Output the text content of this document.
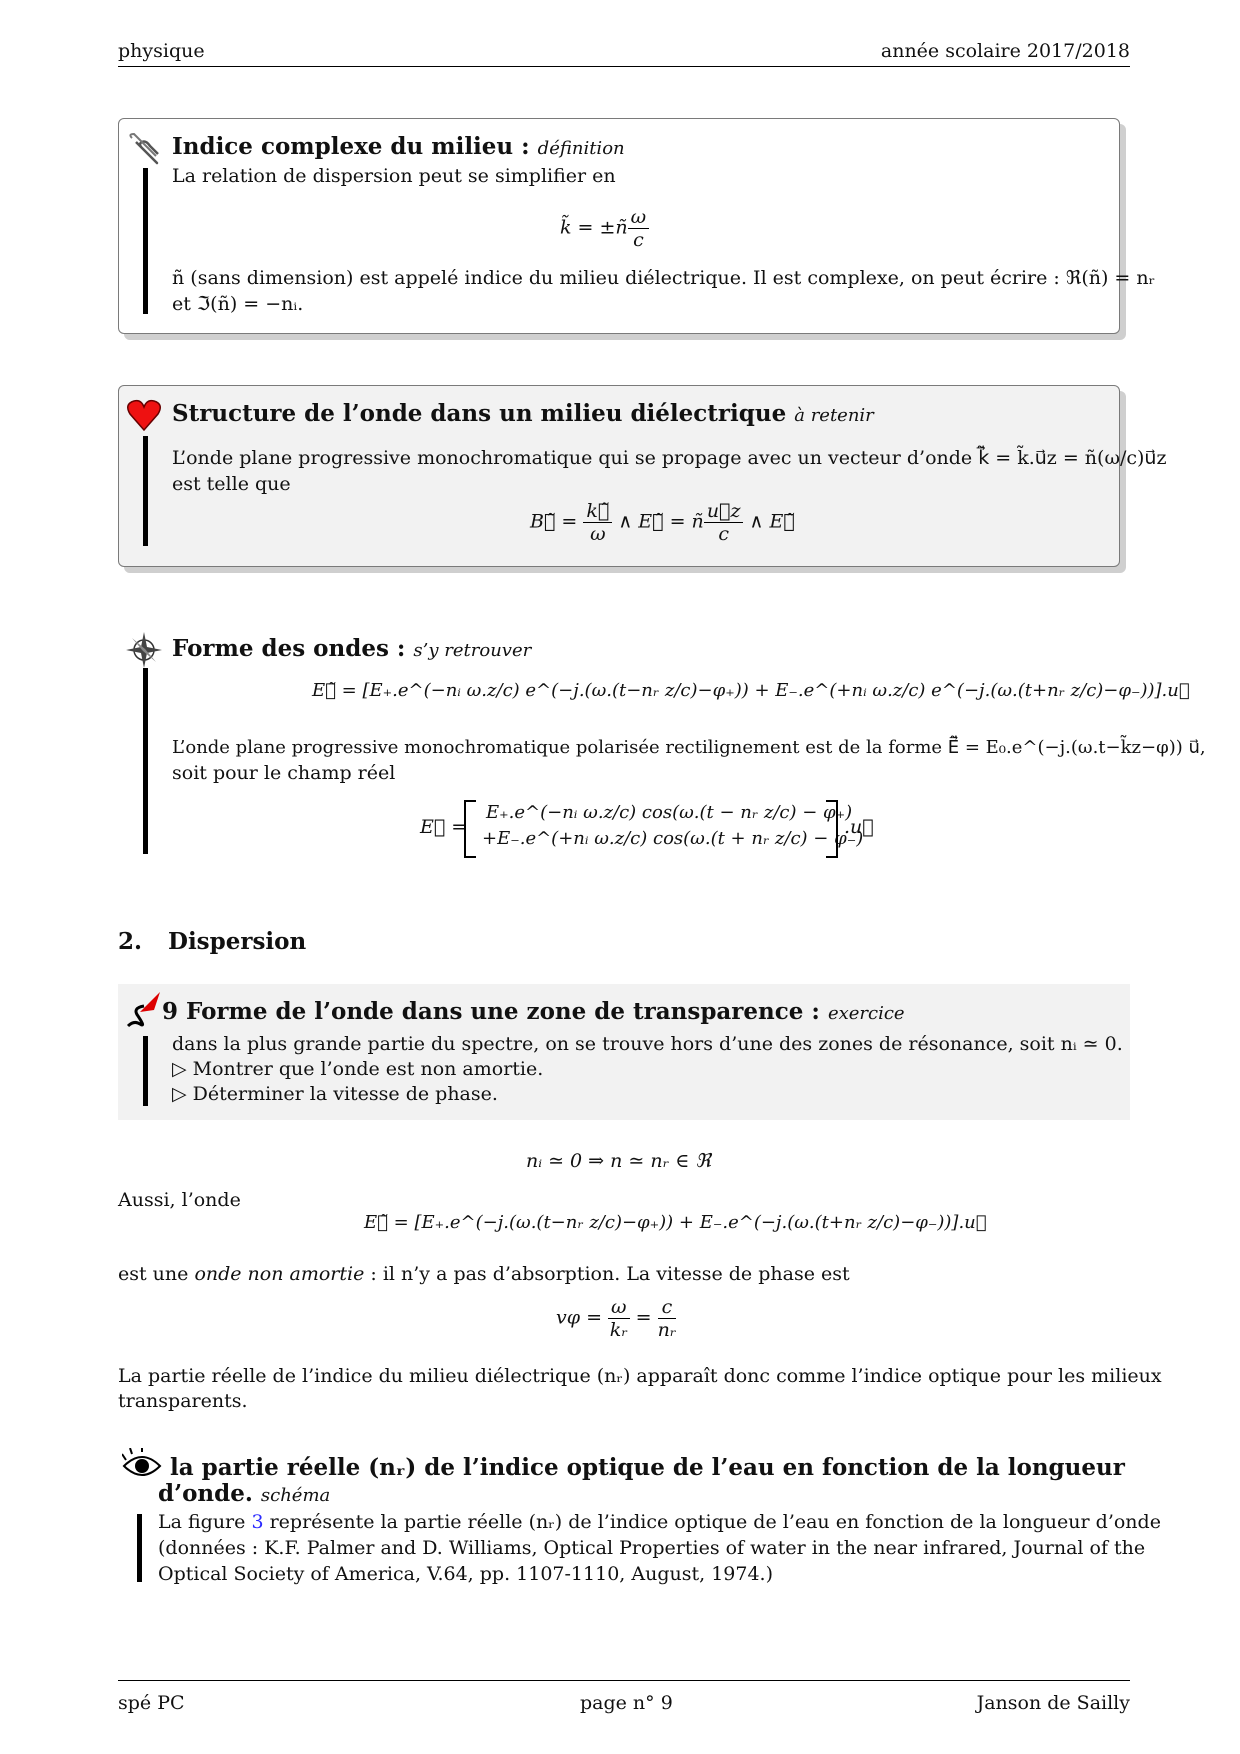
physique	année scolaire 2017/2018
Indice complexe du milieu : définition
La relation de dispersion peut se simplifier en
k̃ = ±ñ $\frac{\omega}{c}$
ñ (sans dimension) est appelé indice du milieu diélectrique. Il est complexe, on peut écrire : ℜ(ñ) = nᵣ
et ℑ(ñ) = −nᵢ.
Structure de l’onde dans un milieu diélectrique à retenir
L’onde plane progressive monochromatique qui se propage avec un vecteur d’onde k⃗̃ = k̃.u⃗z = ñ(ω/c)u⃗z
est telle que
B⃗̃ = $\frac{k⃗̃}{\omega}$ ∧ E⃗̃ = ñ $\frac{u⃗z}{c}$ ∧ E⃗̃
Forme des ondes : s’y retrouver
E⃗̃ = [E₊.e^(−nᵢ ω.z/c) e^(−j.(ω.(t−nᵣ z/c)−φ₊)) + E₋.e^(+nᵢ ω.z/c) e^(−j.(ω.(t+nᵣ z/c)−φ₋))].u⃗
L’onde plane progressive monochromatique polarisée rectilignement est de la forme E⃗̃ = E₀.e^(−j.(ω.t−k̃z−φ)) u⃗,
soit pour le champ réel
E⃗ =
E₊.e^(−nᵢ ω.z/c) cos(ω.(t − nᵣ z/c) − φ₊)
+E₋.e^(+nᵢ ω.z/c) cos(ω.(t + nᵣ z/c) − φ₋)
.u⃗
2. Dispersion
9 Forme de l’onde dans une zone de transparence : exercice
dans la plus grande partie du spectre, on se trouve hors d’une des zones de résonance, soit nᵢ ≃ 0.
▷ Montrer que l’onde est non amortie.
▷ Déterminer la vitesse de phase.
nᵢ ≃ 0 ⇒ n ≃ nᵣ ∈ ℜ
Aussi, l’onde
E⃗̃ = [E₊.e^(−j.(ω.(t−nᵣ z/c)−φ₊)) + E₋.e^(−j.(ω.(t+nᵣ z/c)−φ₋))].u⃗
est une onde non amortie : il n’y a pas d’absorption. La vitesse de phase est
$v\varphi = \frac{\omega}{\text{kᵣ}} = \frac{c}{\text{nᵣ}}$
La partie réelle de l’indice du milieu diélectrique (nᵣ) apparaît donc comme l’indice optique pour les milieux
transparents.
la partie réelle (nᵣ) de l’indice optique de l’eau en fonction de la longueur
d’onde. schéma
La figure 3 représente la partie réelle (nᵣ) de l’indice optique de l’eau en fonction de la longueur d’onde
(données : K.F. Palmer and D. Williams, Optical Properties of water in the near infrared, Journal of the
Optical Society of America, V.64, pp. 1107-1110, August, 1974.)
spé PC	page n° 9	Janson de Sailly
